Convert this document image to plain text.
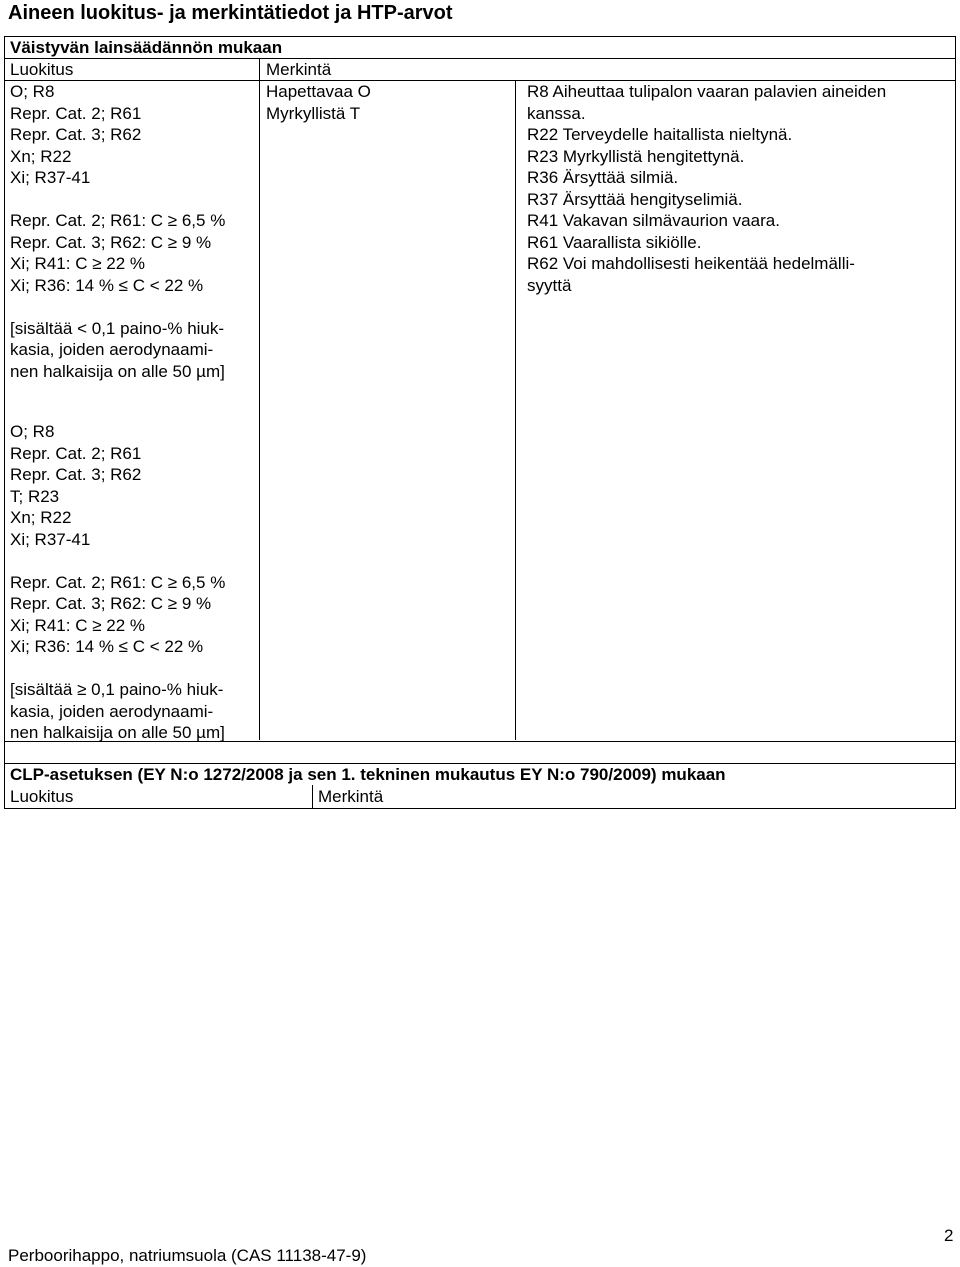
Aineen luokitus- ja merkintätiedot ja HTP-arvot
Väistyvän lainsäädännön mukaan
Luokitus	Merkintä
O; R8
Repr. Cat. 2; R61
Repr. Cat. 3; R62
Xn; R22
Xi; R37-41
Repr. Cat. 2; R61: C ≥ 6,5 %
Repr. Cat. 3; R62: C ≥ 9 %
Xi; R41: C ≥ 22 %
Xi; R36: 14 % ≤ C < 22 %
[sisältää < 0,1 paino-% hiuk-
kasia, joiden aerodynaami-
nen halkaisija on alle 50 µm]
O; R8
Repr. Cat. 2; R61
Repr. Cat. 3; R62
T; R23
Xn; R22
Xi; R37-41
Repr. Cat. 2; R61: C ≥ 6,5 %
Repr. Cat. 3; R62: C ≥ 9 %
Xi; R41: C ≥ 22 %
Xi; R36: 14 % ≤ C < 22 %
[sisältää ≥ 0,1 paino-% hiuk-
kasia, joiden aerodynaami-
nen halkaisija on alle 50 µm]
Hapettavaa O
Myrkyllistä T
R8 Aiheuttaa tulipalon vaaran palavien aineiden
kanssa.
R22 Terveydelle haitallista nieltynä.
R23 Myrkyllistä hengitettynä.
R36 Ärsyttää silmiä.
R37 Ärsyttää hengityselimiä.
R41 Vakavan silmävaurion vaara.
R61 Vaarallista sikiölle.
R62 Voi mahdollisesti heikentää hedelmälli-
syyttä
CLP-asetuksen (EY N:o 1272/2008 ja sen 1. tekninen mukautus EY N:o 790/2009) mukaan
Luokitus	Merkintä
Perboorihappo, natriumsuola (CAS 11138-47-9)
2
